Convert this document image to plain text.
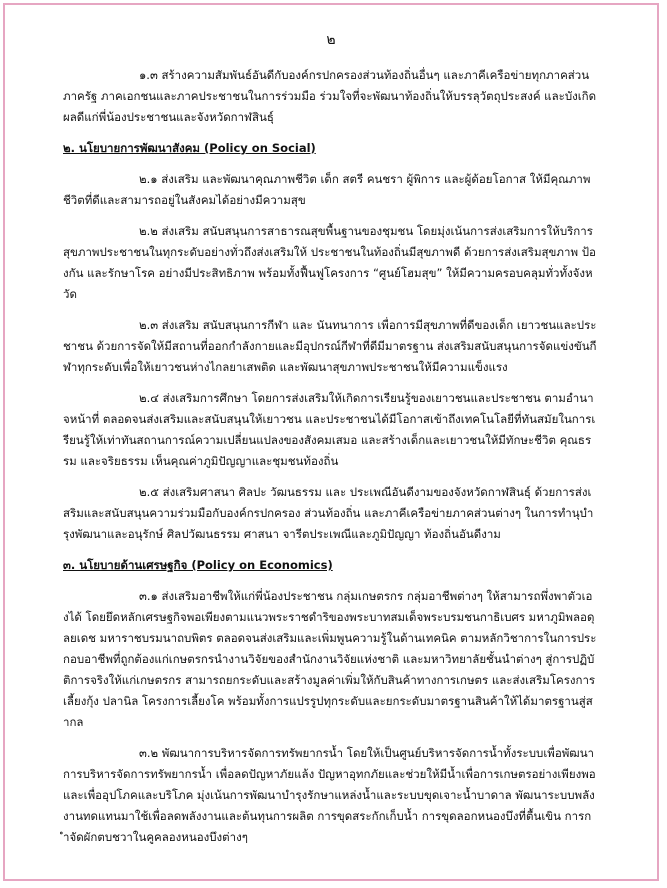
๒

๑.๓ สร้างความสัมพันธ์อันดีกับองค์กรปกครองส่วนท้องถิ่นอื่นๆ และภาคีเครือข่ายทุกภาคส่วน ภาครัฐ ภาคเอกชนและภาคประชาชนในการร่วมมือ ร่วมใจที่จะพัฒนาท้องถิ่นให้บรรลุวัตถุประสงค์ และบังเกิดผลดีแก่พี่น้องประชาชนและจังหวัดกาฬสินธุ์

๒. นโยบายการพัฒนาสังคม (Policy on Social)

๒.๑ ส่งเสริม และพัฒนาคุณภาพชีวิต เด็ก สตรี คนชรา ผู้พิการ และผู้ด้อยโอกาส ให้มีคุณภาพชีวิตที่ดีและสามารถอยู่ในสังคมได้อย่างมีความสุข

๒.๒ ส่งเสริม สนับสนุนการสาธารณสุขพื้นฐานของชุมชน โดยมุ่งเน้นการส่งเสริมการให้บริการสุขภาพประชาชนในทุกระดับอย่างทั่วถึงส่งเสริมให้ ประชาชนในท้องถิ่นมีสุขภาพดี ด้วยการส่งเสริมสุขภาพ ป้องกัน และรักษาโรค อย่างมีประสิทธิภาพ พร้อมทั้งฟื้นฟูโครงการ “ศูนย์โฮมสุข” ให้มีความครอบคลุมทั่วทั้งจังหวัด

๒.๓ ส่งเสริม สนับสนุนการกีฬา และ นันทนาการ เพื่อการมีสุขภาพที่ดีของเด็ก เยาวชนและประชาชน ด้วยการจัดให้มีสถานที่ออกกำลังกายและมีอุปกรณ์กีฬาที่ดีมีมาตรฐาน ส่งเสริมสนับสนุนการจัดแข่งขันกีฬาทุกระดับเพื่อให้เยาวชนห่างไกลยาเสพติด และพัฒนาสุขภาพประชาชนให้มีความแข็งแรง

๒.๔ ส่งเสริมการศึกษา โดยการส่งเสริมให้เกิดการเรียนรู้ของเยาวชนและประชาชน ตามอำนาจหน้าที่ ตลอดจนส่งเสริมและสนับสนุนให้เยาวชน และประชาชนได้มีโอกาสเข้าถึงเทคโนโลยีที่ทันสมัยในการเรียนรู้ให้เท่าทันสถานการณ์ความเปลี่ยนแปลงของสังคมเสมอ และสร้างเด็กและเยาวชนให้มีทักษะชีวิต คุณธรรม และจริยธรรม เห็นคุณค่าภูมิปัญญาและชุมชนท้องถิ่น

๒.๕ ส่งเสริมศาสนา ศิลปะ วัฒนธรรม และ ประเพณีอันดีงามของจังหวัดกาฬสินธุ์ ด้วยการส่งเสริมและสนับสนุนความร่วมมือกับองค์กรปกครอง ส่วนท้องถิ่น และภาคีเครือข่ายภาคส่วนต่างๆ ในการทำนุบำรุงพัฒนาและอนุรักษ์ ศิลปวัฒนธรรม ศาสนา จารีตประเพณีและภูมิปัญญา ท้องถิ่นอันดีงาม

๓. นโยบายด้านเศรษฐกิจ (Policy on Economics)

๓.๑ ส่งเสริมอาชีพให้แก่พี่น้องประชาชน กลุ่มเกษตรกร กลุ่มอาชีพต่างๆ ให้สามารถพึ่งพาตัวเองได้ โดยยึดหลักเศรษฐกิจพอเพียงตามแนวพระราชดำริของพระบาทสมเด็จพระบรมชนกาธิเบศร มหาภูมิพลอดุลยเดช มหาราชบรมนาถบพิตร ตลอดจนส่งเสริมและเพิ่มพูนความรู้ในด้านเทคนิค ตามหลักวิชาการในการประกอบอาชีพที่ถูกต้องแก่เกษตรกรนำงานวิจัยของสำนักงานวิจัยแห่งชาติ และมหาวิทยาลัยชั้นนำต่างๆ สู่การปฏิบัติการจริงให้แก่เกษตรกร สามารถยกระดับและสร้างมูลค่าเพิ่มให้กับสินค้าทางการเกษตร และส่งเสริมโครงการเลี้ยงกุ้ง ปลานิล โครงการเลี้ยงโค พร้อมทั้งการแปรรูปทุกระดับและยกระดับมาตรฐานสินค้าให้ได้มาตรฐานสู่สากล

๓.๒ พัฒนาการบริหารจัดการทรัพยากรน้ำ โดยให้เป็นศูนย์บริหารจัดการน้ำทั้งระบบเพื่อพัฒนาการบริหารจัดการทรัพยากรน้ำ เพื่อลดปัญหาภัยแล้ง ปัญหาอุทกภัยและช่วยให้มีน้ำเพื่อการเกษตรอย่างเพียงพอ และเพื่ออุปโภคและบริโภค มุ่งเน้นการพัฒนาบำรุงรักษาแหล่งน้ำและระบบขุดเจาะน้ำบาดาล พัฒนาระบบพลังงานทดแทนมาใช้เพื่อลดพลังงานและต้นทุนการผลิต การขุดสระกักเก็บน้ำ การขุดลอกหนองบึงที่ตื้นเขิน การกำจัดผักตบชวาในคูคลองหนองบึงต่างๆ
